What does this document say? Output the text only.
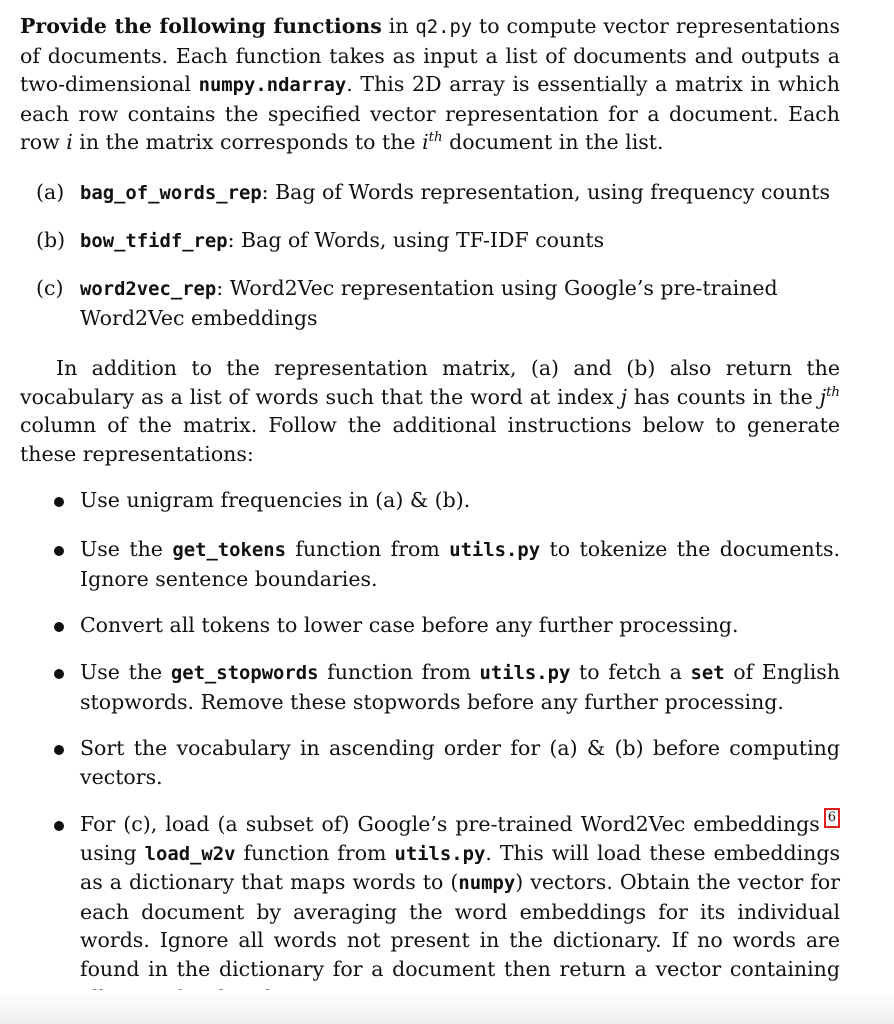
Provide the following functions in q2.py to compute vector representations of documents. Each function takes as input a list of documents and outputs a two-dimensional numpy.ndarray. This 2D array is essentially a matrix in which each row contains the specified vector representation for a document. Each row i in the matrix corresponds to the $i^{th}$ document in the list.

(a) bag_of_words_rep: Bag of Words representation, using frequency counts
(b) bow_tfidf_rep: Bag of Words, using TF-IDF counts
(c) word2vec_rep: Word2Vec representation using Google’s pre-trained Word2Vec embeddings

In addition to the representation matrix, (a) and (b) also return the vocabulary as a list of words such that the word at index j has counts in the $j^{th}$ column of the matrix. Follow the additional instructions below to generate these representations:

Use unigram frequencies in (a) & (b).

Use the get_tokens function from utils.py to tokenize the documents. Ignore sentence boundaries.

Convert all tokens to lower case before any further processing.

Use the get_stopwords function from utils.py to fetch a set of English stopwords. Remove these stopwords before any further processing.

Sort the vocabulary in ascending order for (a) & (b) before computing vectors.

For (c), load (a subset of) Google’s pre-trained Word2Vec embeddings 6 using load_w2v function from utils.py. This will load these embeddings as a dictionary that maps words to (numpy) vectors. Obtain the vector for each document by averaging the word embeddings for its individual words. Ignore all words not present in the dictionary. If no words are found in the dictionary for a document then return a vector containing
